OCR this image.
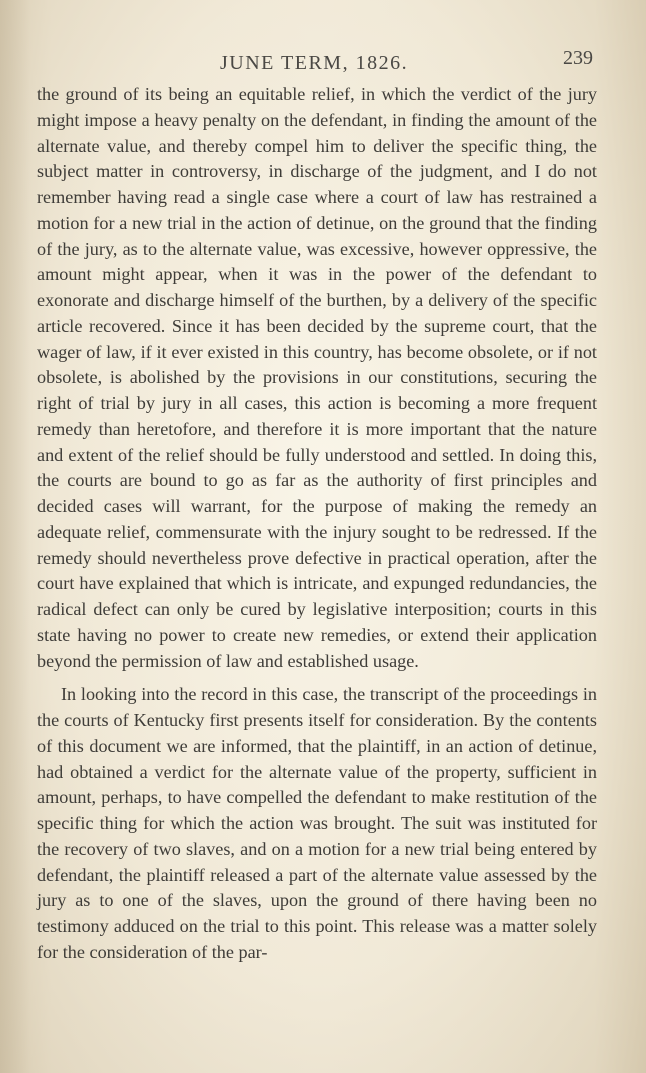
JUNE TERM, 1826.	239

the ground of its being an equitable relief, in which the verdict of the jury might impose a heavy penalty on the defendant, in finding the amount of the alternate value, and thereby compel him to deliver the specific thing, the subject matter in controversy, in discharge of the judgment, and I do not remember having read a single case where a court of law has restrained a motion for a new trial in the action of detinue, on the ground that the finding of the jury, as to the alternate value, was excessive, however oppressive, the amount might appear, when it was in the power of the defendant to exonorate and discharge himself of the burthen, by a delivery of the specific article recovered. Since it has been decided by the supreme court, that the wager of law, if it ever existed in this country, has become obsolete, or if not obsolete, is abolished by the provisions in our constitutions, securing the right of trial by jury in all cases, this action is becoming a more frequent remedy than heretofore, and therefore it is more important that the nature and extent of the relief should be fully understood and settled. In doing this, the courts are bound to go as far as the authority of first principles and decided cases will warrant, for the purpose of making the remedy an adequate relief, commensurate with the injury sought to be redressed. If the remedy should nevertheless prove defective in practical operation, after the court have explained that which is intricate, and expunged redundancies, the radical defect can only be cured by legislative interposition; courts in this state having no power to create new remedies, or extend their application beyond the permission of law and established usage.

In looking into the record in this case, the transcript of the proceedings in the courts of Kentucky first presents itself for consideration. By the contents of this document we are informed, that the plaintiff, in an action of detinue, had obtained a verdict for the alternate value of the property, sufficient in amount, perhaps, to have compelled the defendant to make restitution of the specific thing for which the action was brought. The suit was instituted for the recovery of two slaves, and on a motion for a new trial being entered by defendant, the plaintiff released a part of the alternate value assessed by the jury as to one of the slaves, upon the ground of there having been no testimony adduced on the trial to this point. This release was a matter solely for the consideration of the par-
